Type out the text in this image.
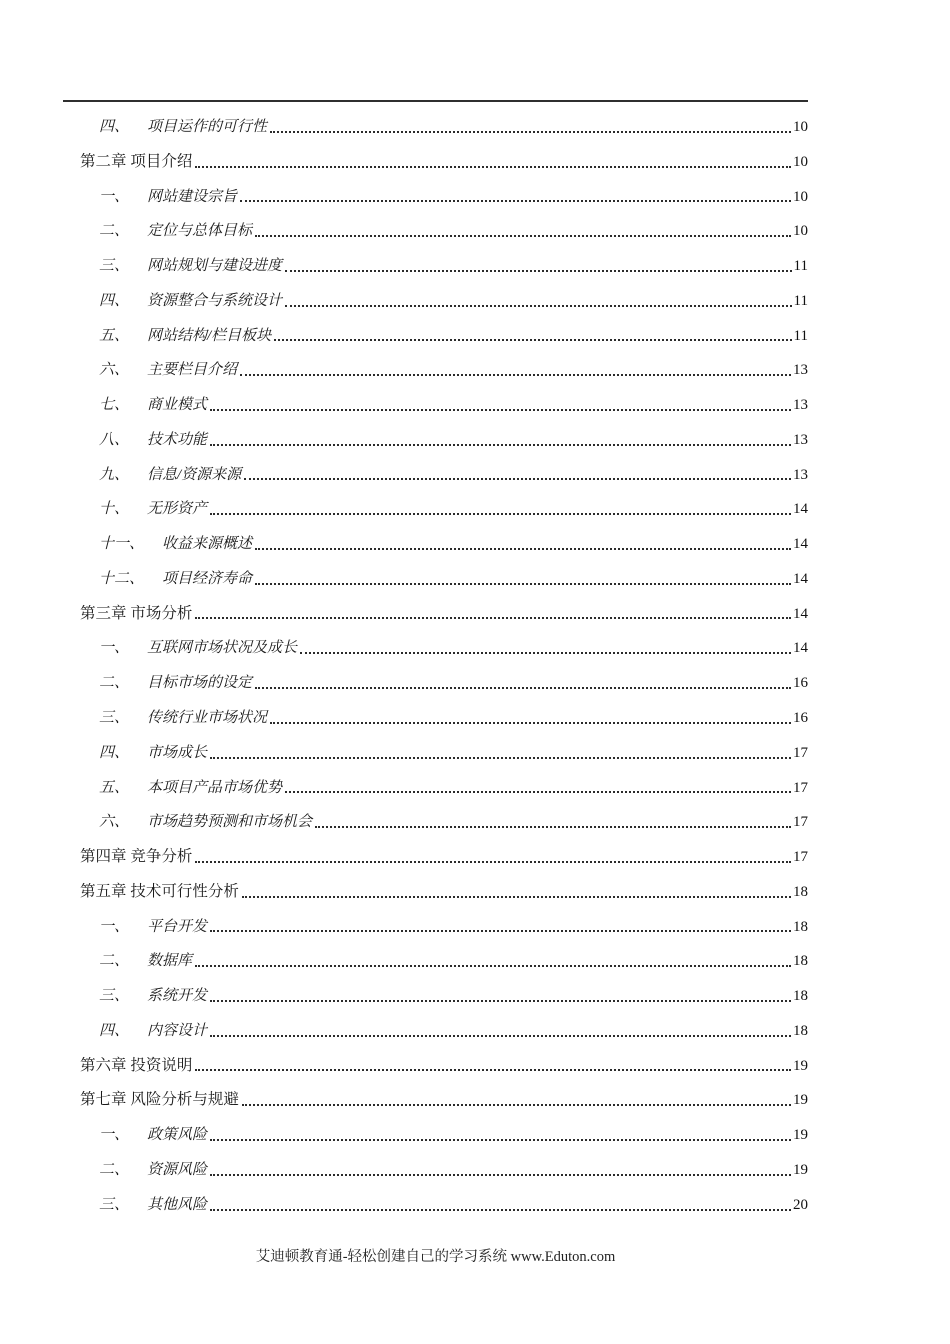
四、 项目运作的可行性	10
第二章 项目介绍	10
一、 网站建设宗旨	10
二、 定位与总体目标	10
三、 网站规划与建设进度	11
四、 资源整合与系统设计	11
五、 网站结构/栏目板块	11
六、 主要栏目介绍	13
七、 商业模式	13
八、 技术功能	13
九、 信息/资源来源	13
十、 无形资产	14
十一、 收益来源概述	14
十二、 项目经济寿命	14
第三章 市场分析	14
一、 互联网市场状况及成长	14
二、 目标市场的设定	16
三、 传统行业市场状况	16
四、 市场成长	17
五、 本项目产品市场优势	17
六、 市场趋势预测和市场机会	17
第四章 竞争分析	17
第五章 技术可行性分析	18
一、 平台开发	18
二、 数据库	18
三、 系统开发	18
四、 内容设计	18
第六章 投资说明	19
第七章 风险分析与规避	19
一、 政策风险	19
二、 资源风险	19
三、 其他风险	20
艾迪顿教育通-轻松创建自己的学习系统 www.Eduton.com
